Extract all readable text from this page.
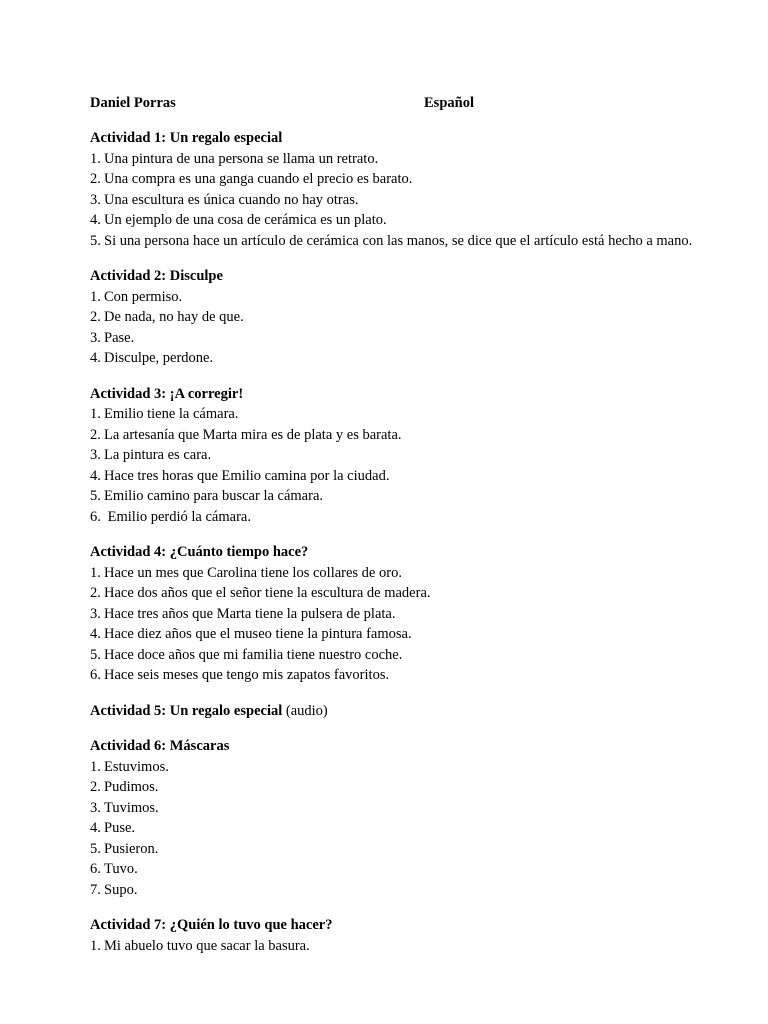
Daniel Porras	Español

Actividad 1: Un regalo especial

1. Una pintura de una persona se llama un retrato.
2. Una compra es una ganga cuando el precio es barato.
3. Una escultura es única cuando no hay otras.
4. Un ejemplo de una cosa de cerámica es un plato.
5. Si una persona hace un artículo de cerámica con las manos, se dice que el artículo está hecho a mano.

Actividad 2: Disculpe

1. Con permiso.
2. De nada, no hay de que.
3. Pase.
4. Disculpe, perdone.

Actividad 3: ¡A corregir!

1. Emilio tiene la cámara.
2. La artesanía que Marta mira es de plata y es barata.
3. La pintura es cara.
4. Hace tres horas que Emilio camina por la ciudad.
5. Emilio camino para buscar la cámara.
6. Emilio perdió la cámara.

Actividad 4: ¿Cuánto tiempo hace?

1. Hace un mes que Carolina tiene los collares de oro.
2. Hace dos años que el señor tiene la escultura de madera.
3. Hace tres años que Marta tiene la pulsera de plata.
4. Hace diez años que el museo tiene la pintura famosa.
5. Hace doce años que mi familia tiene nuestro coche.
6. Hace seis meses que tengo mis zapatos favoritos.

Actividad 5: Un regalo especial (audio)

Actividad 6: Máscaras

1. Estuvimos.
2. Pudimos.
3. Tuvimos.
4. Puse.
5. Pusieron.
6. Tuvo.
7. Supo.

Actividad 7: ¿Quién lo tuvo que hacer?

1. Mi abuelo tuvo que sacar la basura.
